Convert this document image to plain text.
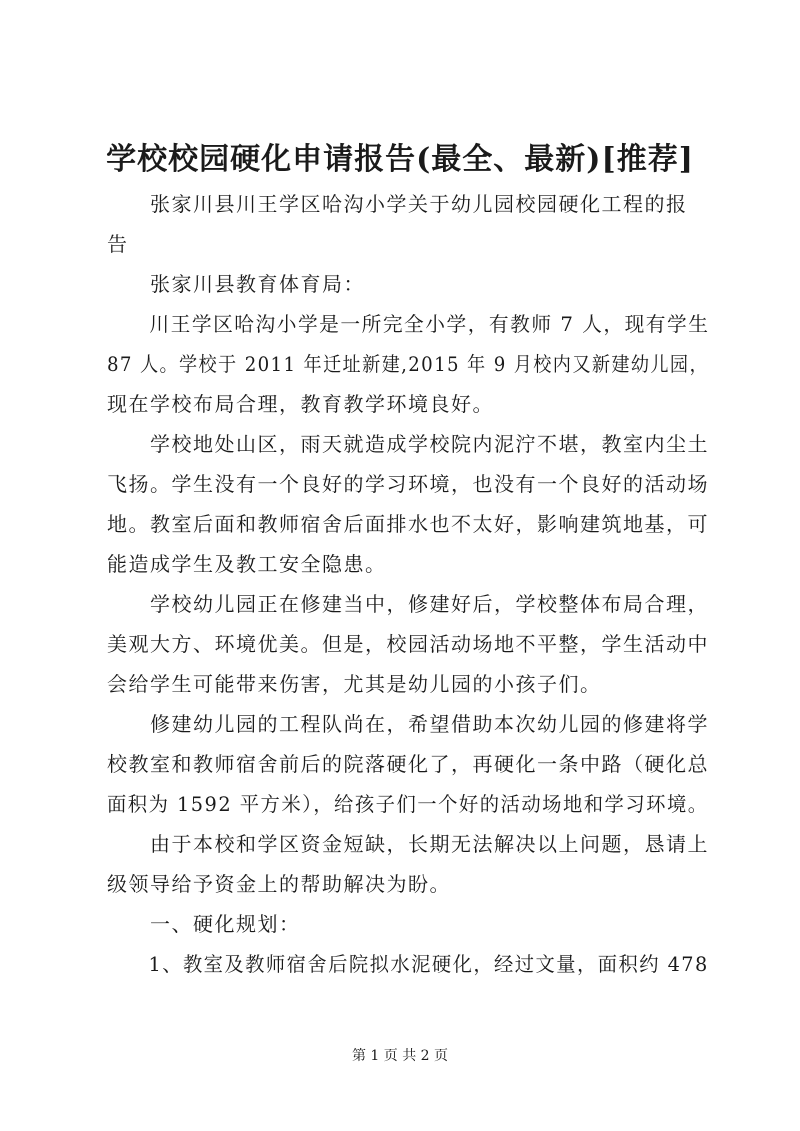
学校校园硬化申请报告(最全、最新)[推荐]
　　张家川县川王学区哈沟小学关于幼儿园校园硬化工程的报
告
　　张家川县教育体育局：
　　川王学区哈沟小学是一所完全小学，有教师 7 人，现有学生
87 人。学校于 2011 年迁址新建,2015 年 9 月校内又新建幼儿园，
现在学校布局合理，教育教学环境良好。
　　学校地处山区，雨天就造成学校院内泥泞不堪，教室内尘土
飞扬。学生没有一个良好的学习环境，也没有一个良好的活动场
地。教室后面和教师宿舍后面排水也不太好，影响建筑地基，可
能造成学生及教工安全隐患。
　　学校幼儿园正在修建当中，修建好后，学校整体布局合理，
美观大方、环境优美。但是，校园活动场地不平整，学生活动中
会给学生可能带来伤害，尤其是幼儿园的小孩子们。
　　修建幼儿园的工程队尚在，希望借助本次幼儿园的修建将学
校教室和教师宿舍前后的院落硬化了，再硬化一条中路（硬化总
面积为 1592 平方米），给孩子们一个好的活动场地和学习环境。
　　由于本校和学区资金短缺，长期无法解决以上问题，恳请上
级领导给予资金上的帮助解决为盼。
　　一、硬化规划：
　　1、教室及教师宿舍后院拟水泥硬化，经过文量，面积约 478
第 1 页 共 2 页
